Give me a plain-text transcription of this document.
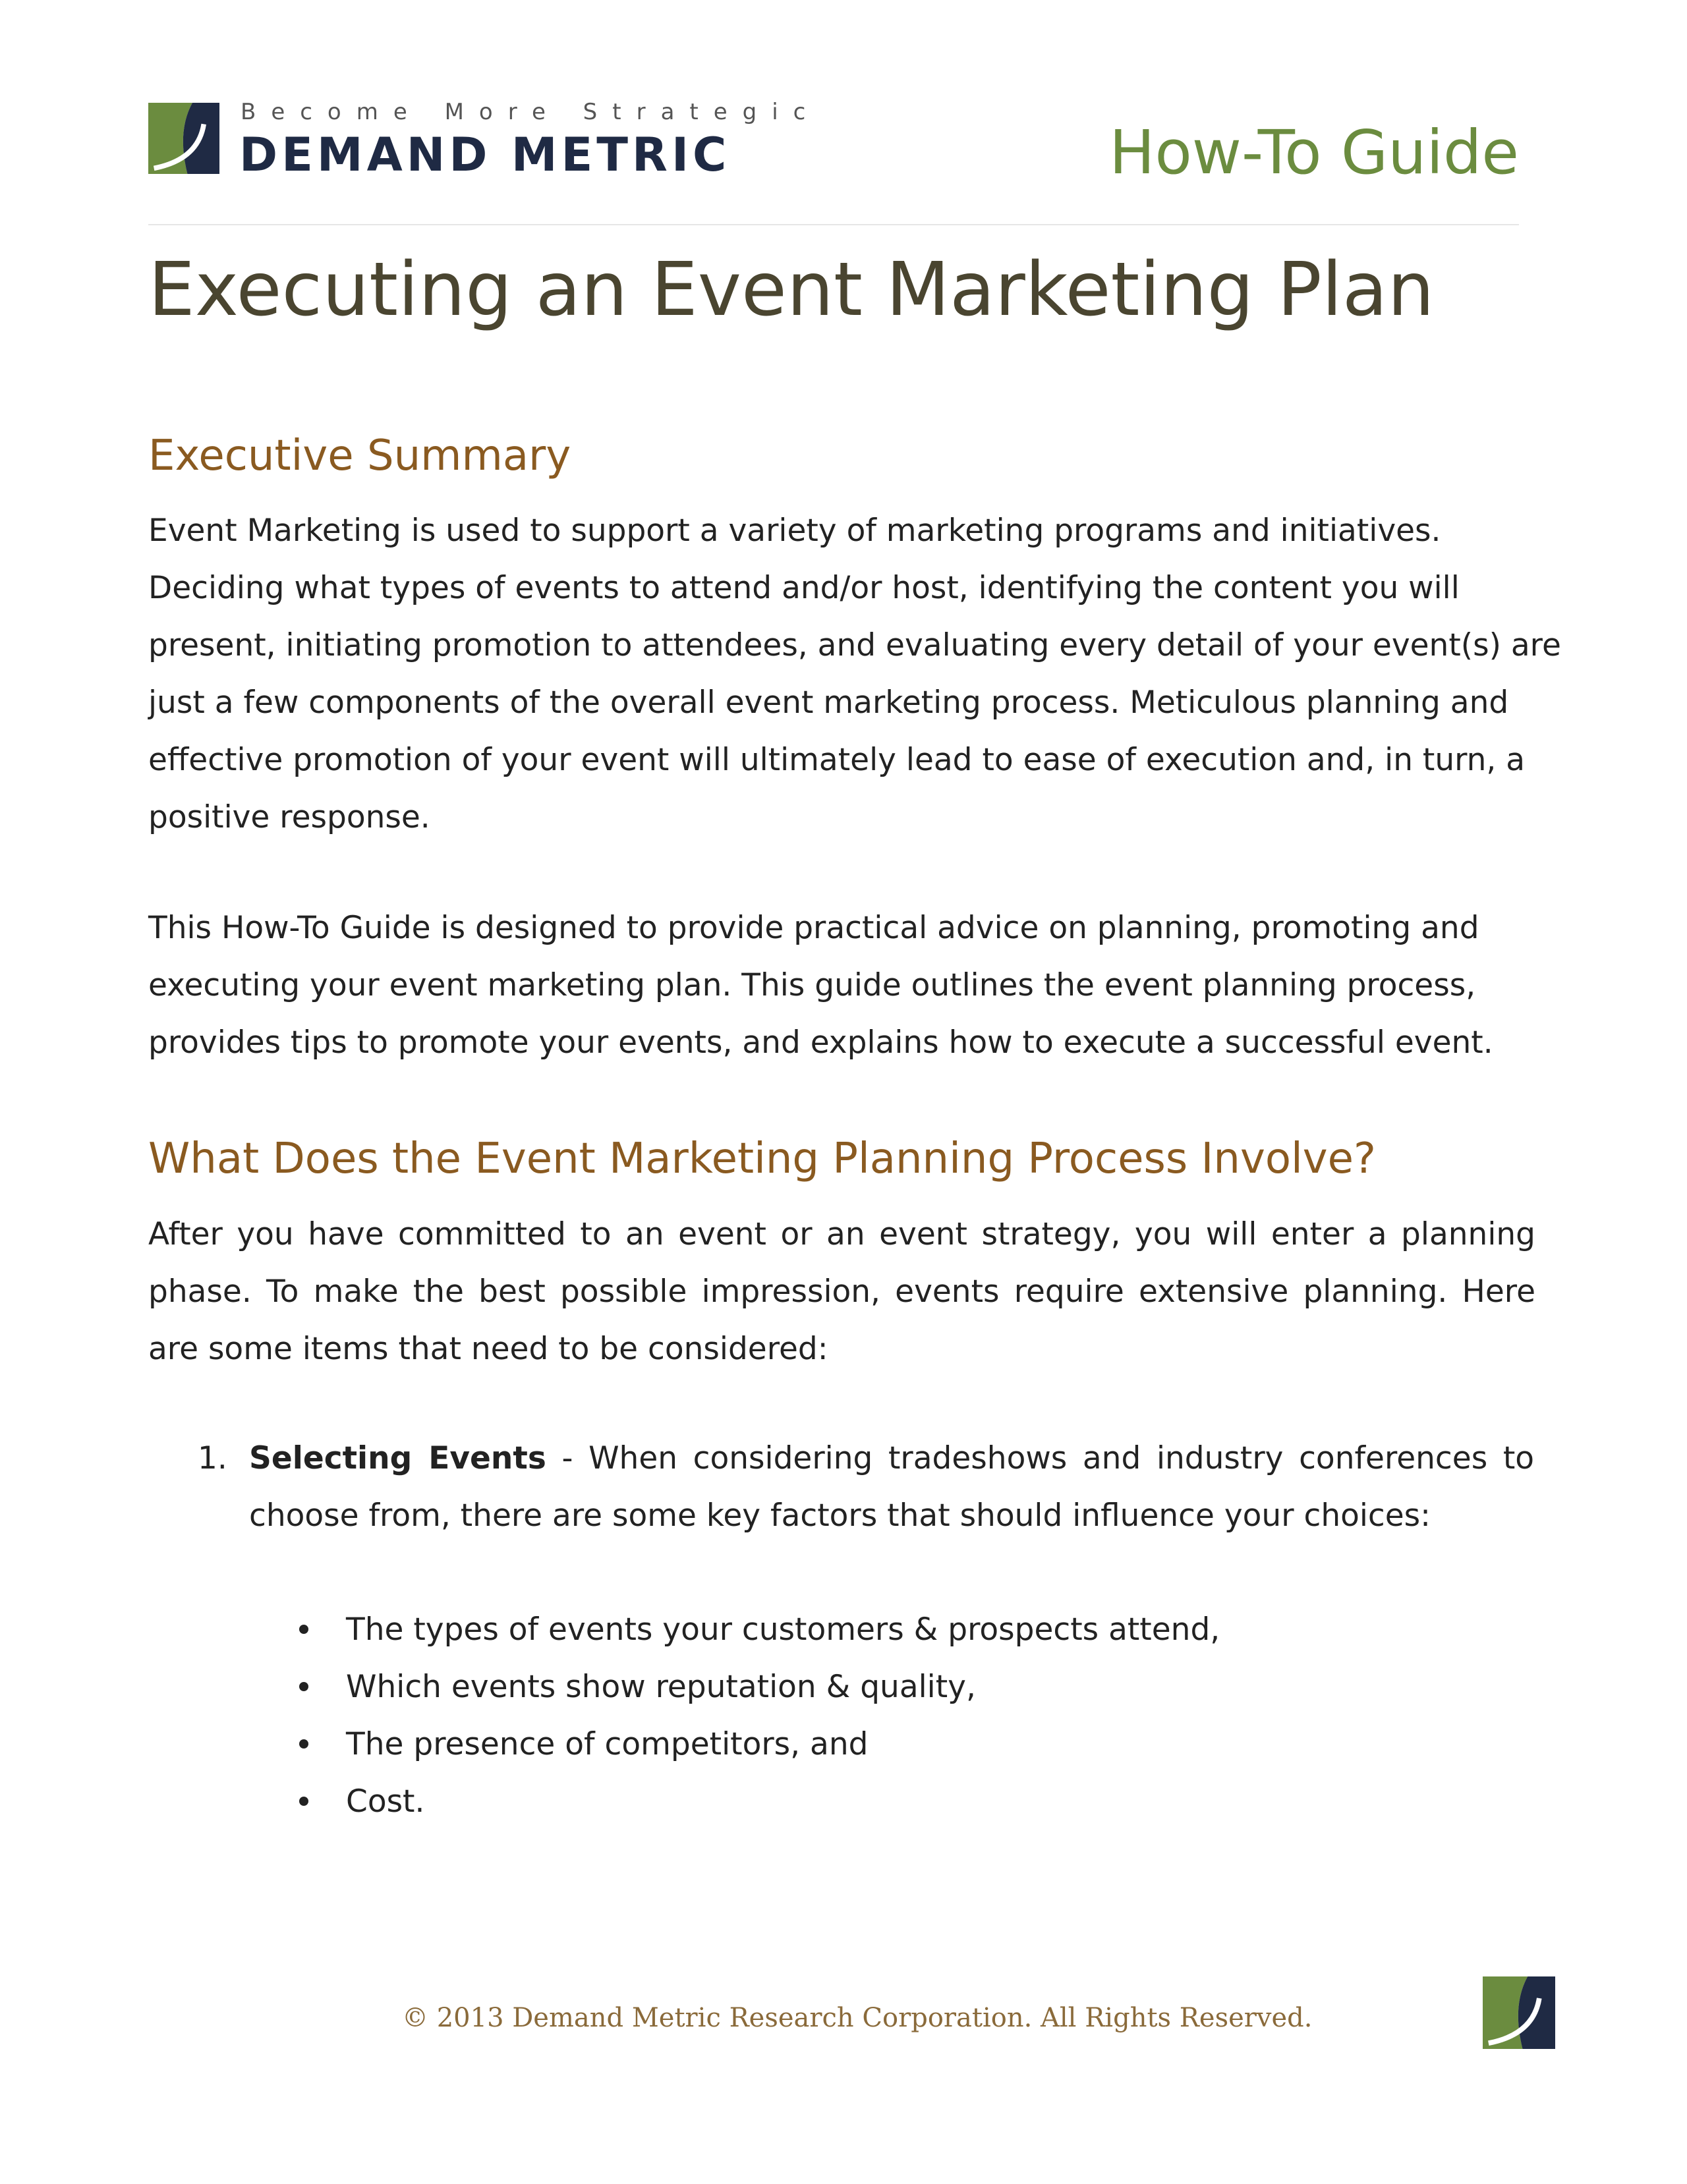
Become More Strategic
DEMAND METRIC	How-To Guide
Executing an Event Marketing Plan
Executive Summary

Event Marketing is used to support a variety of marketing programs and initiatives.
Deciding what types of events to attend and/or host, identifying the content you will
present, initiating promotion to attendees, and evaluating every detail of your event(s) are
just a few components of the overall event marketing process. Meticulous planning and
effective promotion of your event will ultimately lead to ease of execution and, in turn, a
positive response.

This How-To Guide is designed to provide practical advice on planning, promoting and
executing your event marketing plan. This guide outlines the event planning process,
provides tips to promote your events, and explains how to execute a successful event.

What Does the Event Marketing Planning Process Involve?

After you have committed to an event or an event strategy, you will enter a planning phase. To make the best possible impression, events require extensive planning. Here are some items that need to be considered:

1. Selecting Events - When considering tradeshows and industry conferences to choose from, there are some key factors that should influence your choices:
The types of events your customers & prospects attend,
Which events show reputation & quality,
The presence of competitors, and
Cost.
© 2013 Demand Metric Research Corporation. All Rights Reserved.
